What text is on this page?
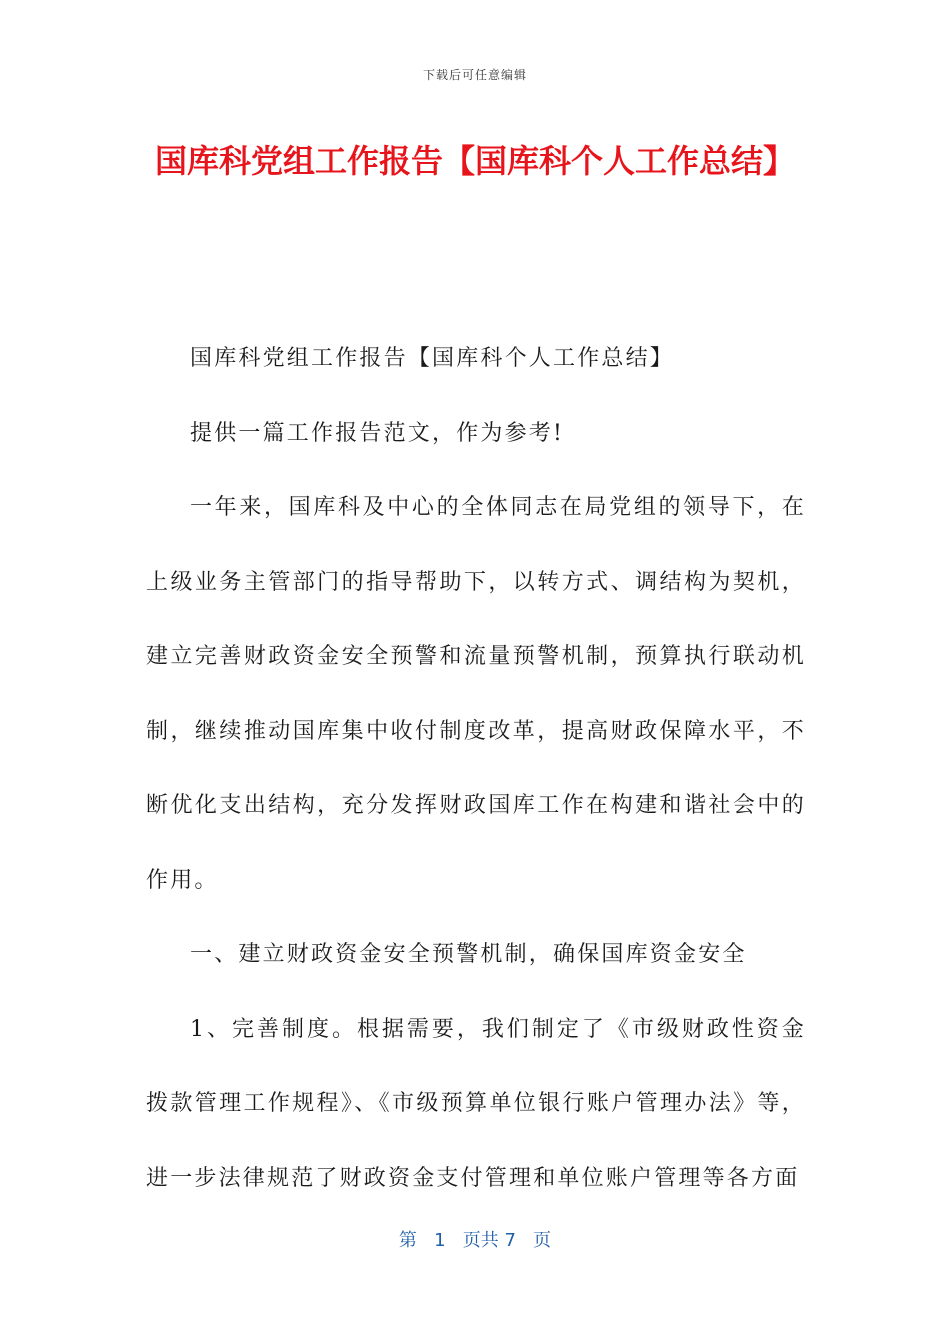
下载后可任意编辑
国库科党组工作报告【国库科个人工作总结】

国库科党组工作报告【国库科个人工作总结】

提供一篇工作报告范文，作为参考!

一年来，国库科及中心的全体同志在局党组的领导下，在上级业务主管部门的指导帮助下，以转方式、调结构为契机，建立完善财政资金安全预警和流量预警机制，预算执行联动机制，继续推动国库集中收付制度改革，提高财政保障水平，不断优化支出结构，充分发挥财政国库工作在构建和谐社会中的作用。

一、建立财政资金安全预警机制，确保国库资金安全

1、完善制度。根据需要，我们制定了《市级财政性资金拨款管理工作规程》、《市级预算单位银行账户管理办法》等，进一步法律规范了财政资金支付管理和单位账户管理等各方面

第 1 页共 7 页
